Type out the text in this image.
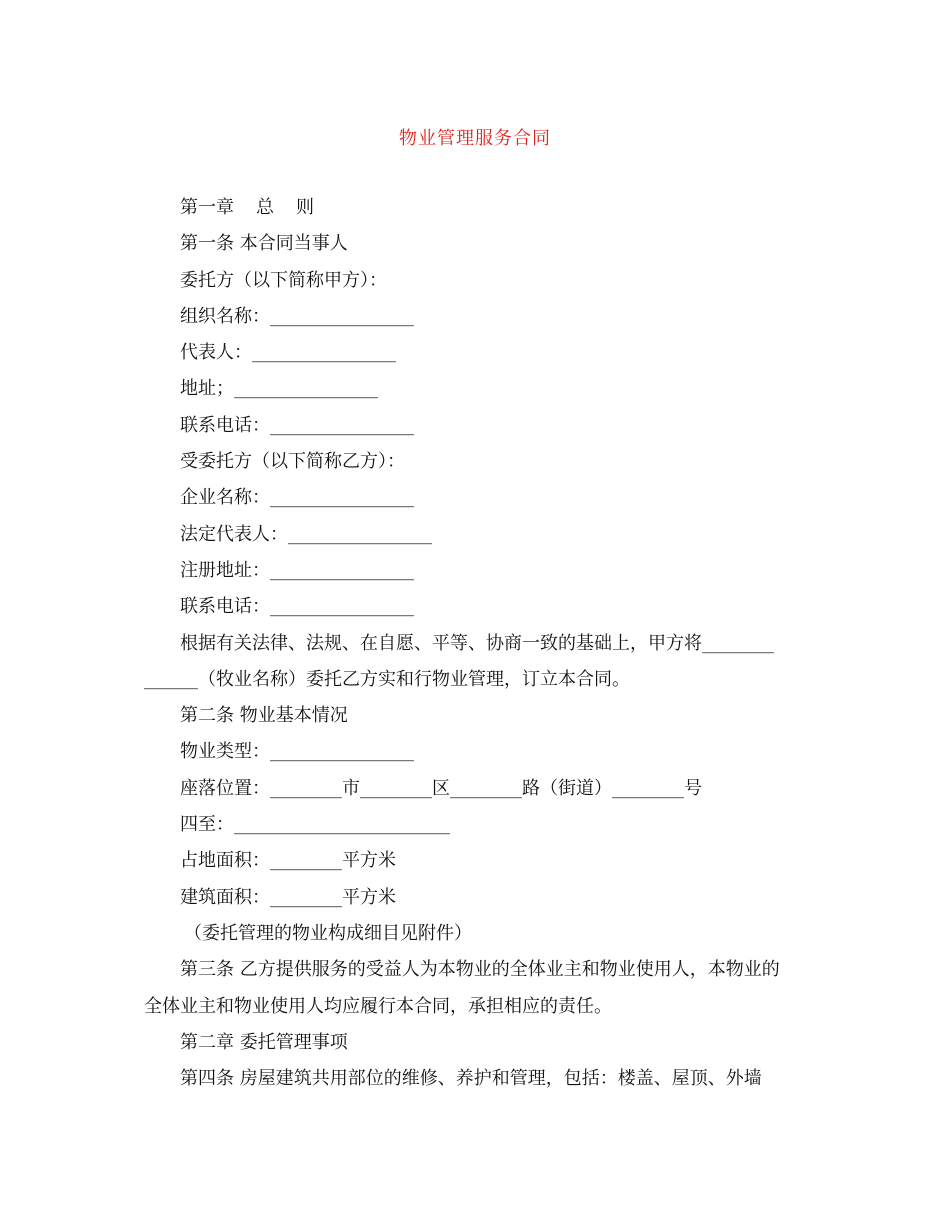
物业管理服务合同
第一章 总 则
第一条 本合同当事人
委托方（以下简称甲方）：
组织名称：________________
代表人：________________
地址；________________
联系电话：________________
受委托方（以下简称乙方）：
企业名称：________________
法定代表人：________________
注册地址：________________
联系电话：________________
根据有关法律、法规、在自愿、平等、协商一致的基础上，甲方将________
______（牧业名称）委托乙方实和行物业管理，订立本合同。
第二条 物业基本情况
物业类型：________________
座落位置：________市________区________路（街道）________号
四至：________________________
占地面积：________平方米
建筑面积：________平方米
（委托管理的物业构成细目见附件）
第三条 乙方提供服务的受益人为本物业的全体业主和物业使用人，本物业的
全体业主和物业使用人均应履行本合同，承担相应的责任。
第二章 委托管理事项
第四条 房屋建筑共用部位的维修、养护和管理，包括：楼盖、屋顶、外墙
